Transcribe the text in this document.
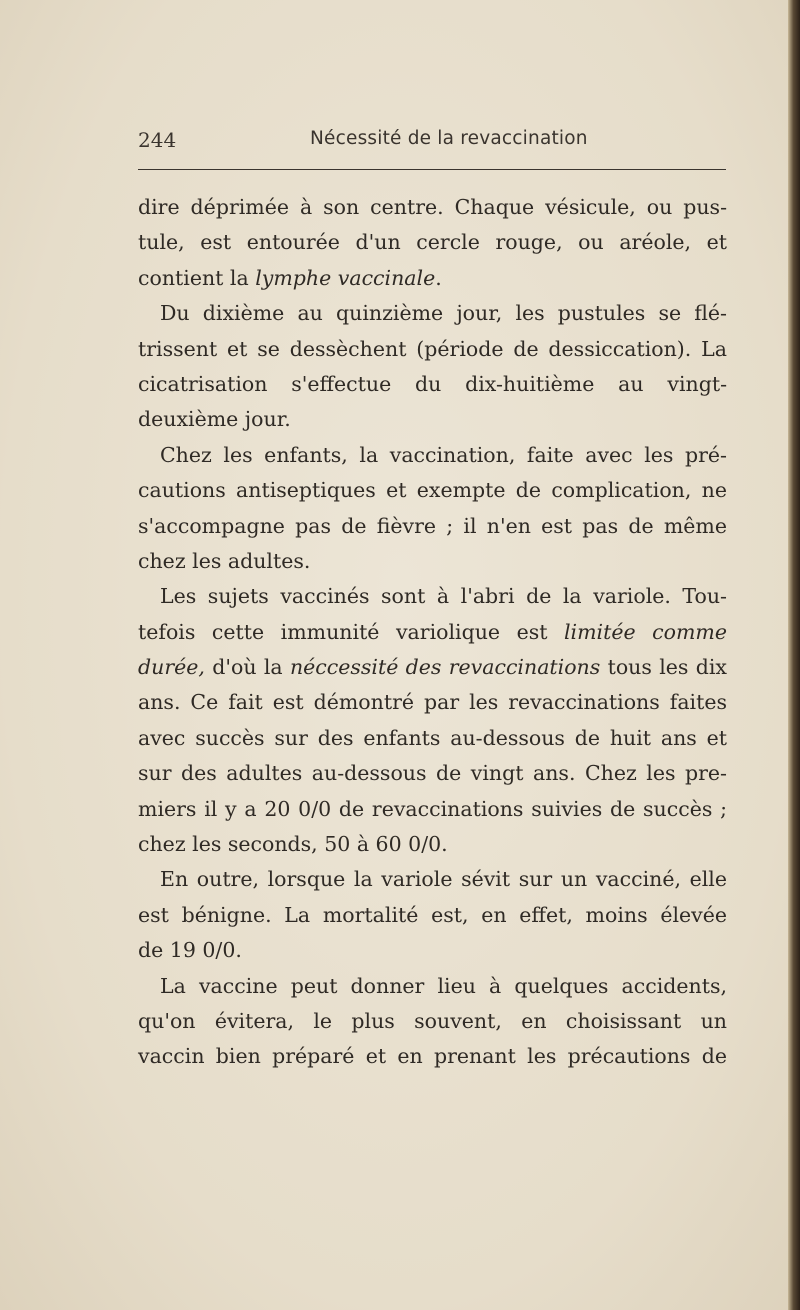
244	Nécessité de la revaccination
dire déprimée à son centre. Chaque vésicule, ou pus-
tule, est entourée d'un cercle rouge, ou aréole, et
contient la lymphe vaccinale.
Du dixième au quinzième jour, les pustules se flé-
trissent et se dessèchent (période de dessiccation). La
cicatrisation s'effectue du dix-huitième au vingt-
deuxième jour.
Chez les enfants, la vaccination, faite avec les pré-
cautions antiseptiques et exempte de complication, ne
s'accompagne pas de fièvre ; il n'en est pas de même
chez les adultes.
Les sujets vaccinés sont à l'abri de la variole. Tou-
tefois cette immunité variolique est limitée comme
durée, d'où la néccessité des revaccinations tous les dix
ans. Ce fait est démontré par les revaccinations faites
avec succès sur des enfants au-dessous de huit ans et
sur des adultes au-dessous de vingt ans. Chez les pre-
miers il y a 20 0/0 de revaccinations suivies de succès ;
chez les seconds, 50 à 60 0/0.
En outre, lorsque la variole sévit sur un vacciné, elle
est bénigne. La mortalité est, en effet, moins élevée
de 19 0/0.
La vaccine peut donner lieu à quelques accidents,
qu'on évitera, le plus souvent, en choisissant un
vaccin bien préparé et en prenant les précautions de
